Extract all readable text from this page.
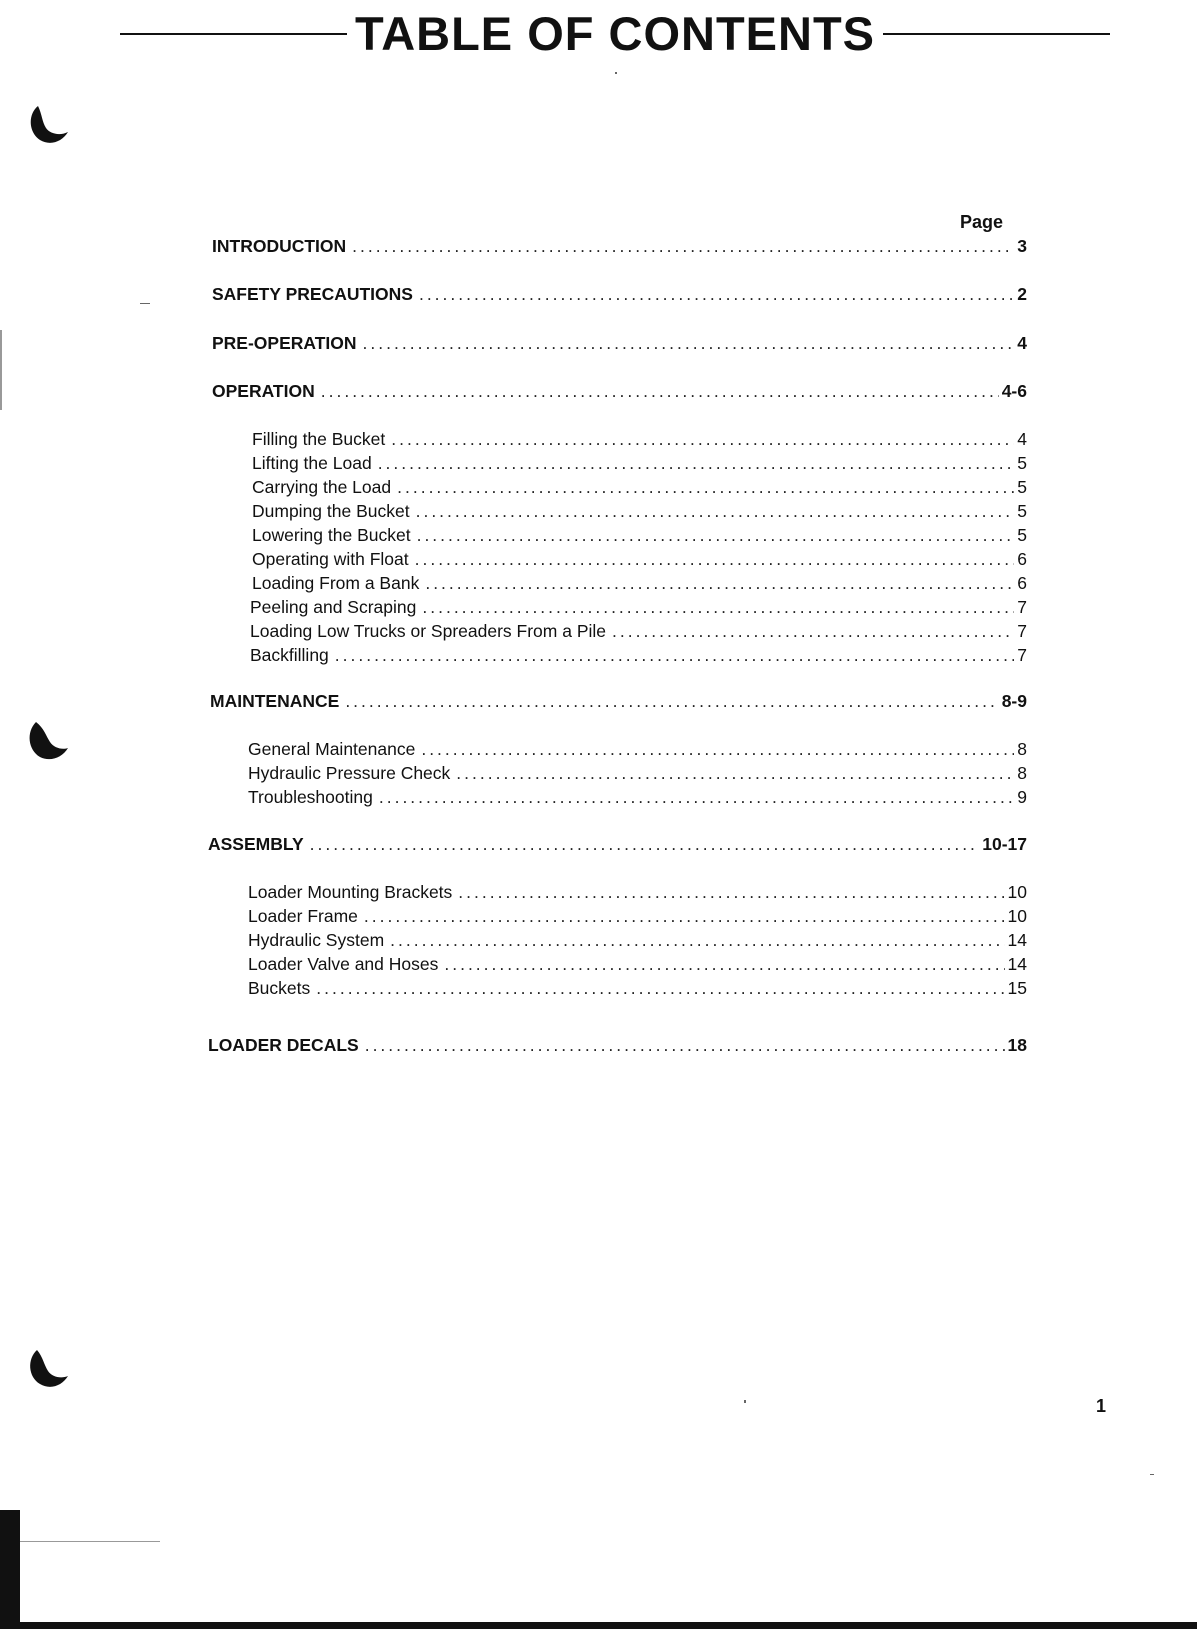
TABLE OF CONTENTS
Page
INTRODUCTION .....	3
SAFETY PRECAUTIONS .....	2
PRE-OPERATION .....	4
OPERATION .....	4-6
Filling the Bucket .....	4
Lifting the Load .....	5
Carrying the Load .....	5
Dumping the Bucket .....	5
Lowering the Bucket .....	5
Operating with Float .....	6
Loading From a Bank .....	6
Peeling and Scraping .....	7
Loading Low Trucks or Spreaders From a Pile .....	7
Backfilling .....	7
MAINTENANCE .....	8-9
General Maintenance .....	8
Hydraulic Pressure Check .....	8
Troubleshooting .....	9
ASSEMBLY .....	10-17
Loader Mounting Brackets .....	10
Loader Frame .....	10
Hydraulic System .....	14
Loader Valve and Hoses .....	14
Buckets .....	15
LOADER DECALS .....	18
1
